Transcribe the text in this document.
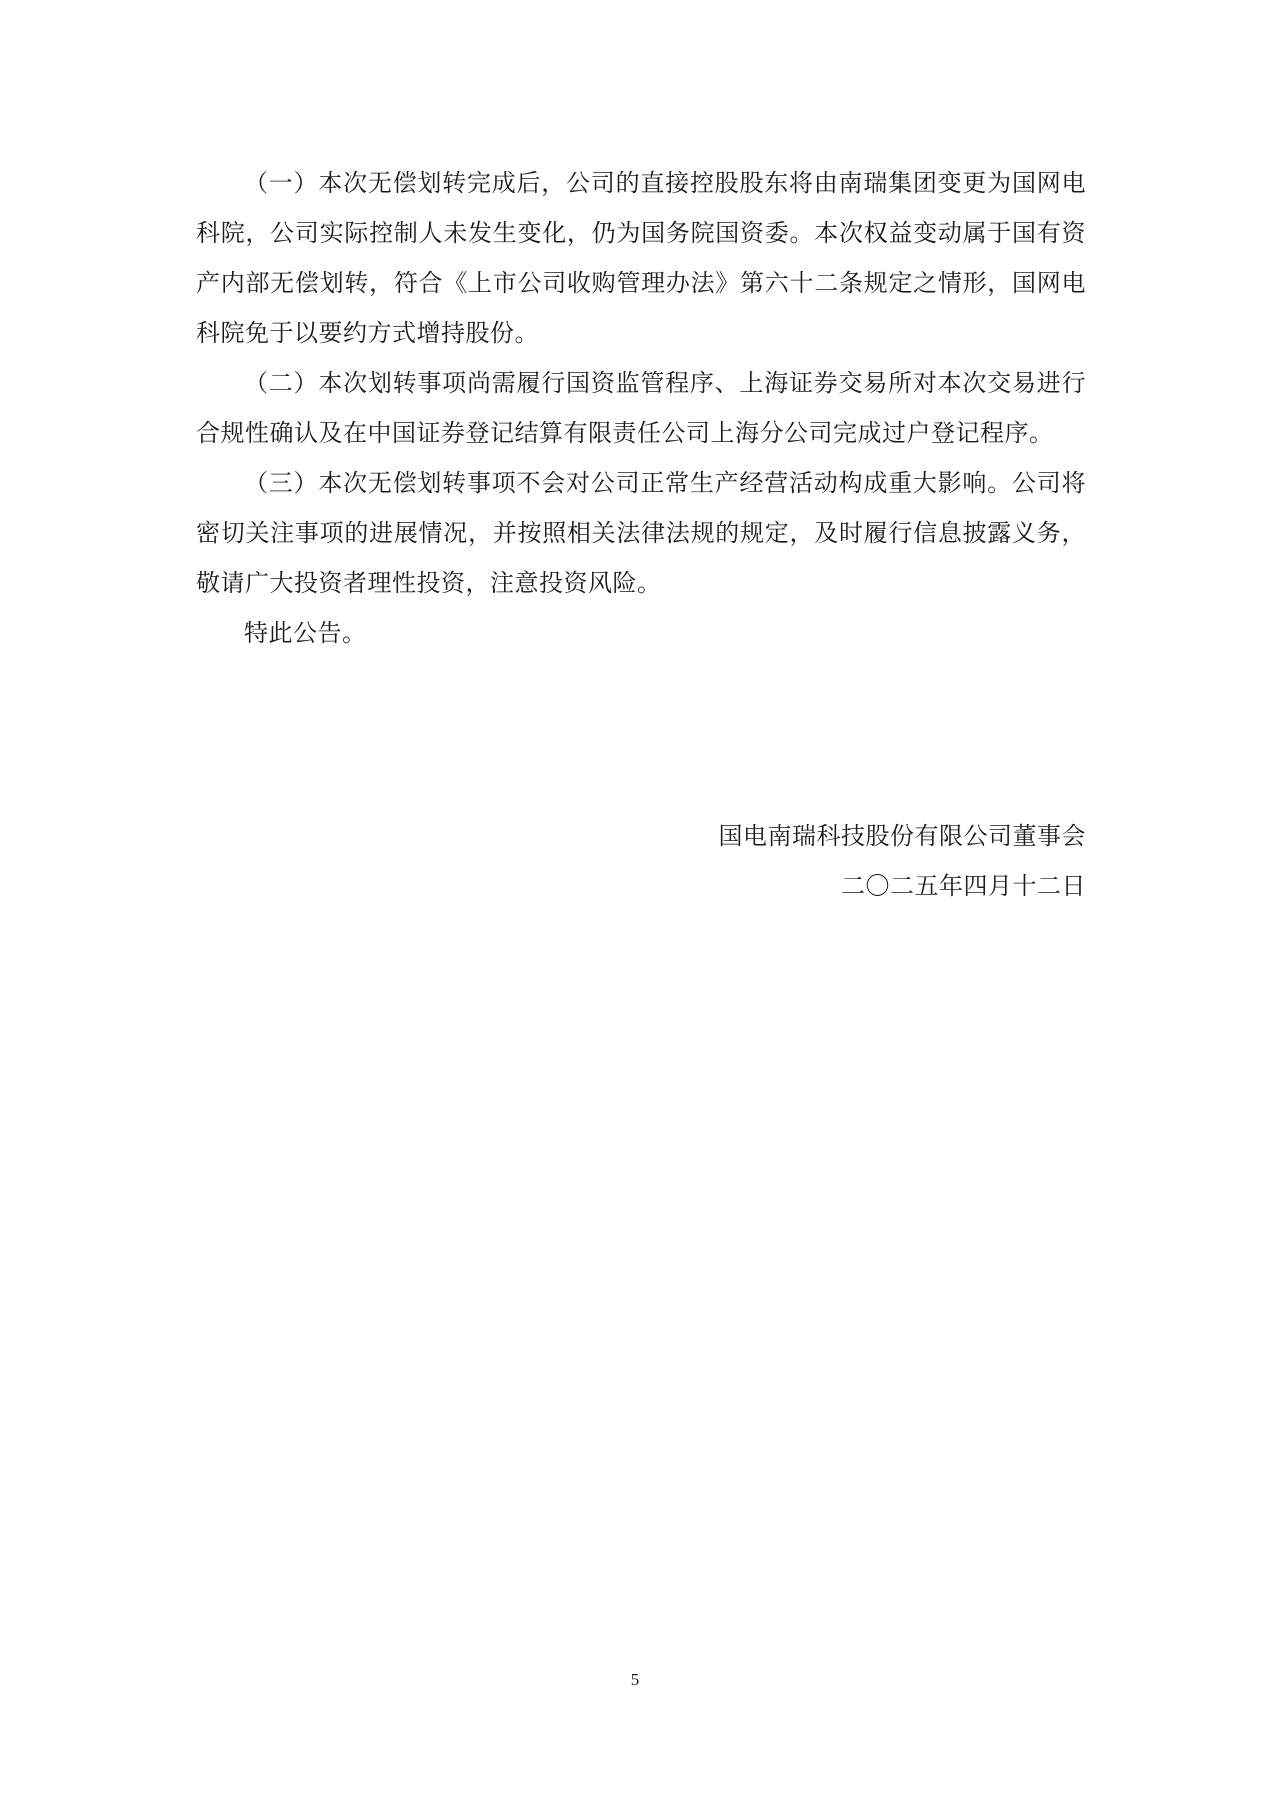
（一）本次无偿划转完成后，公司的直接控股股东将由南瑞集团变更为国网电科院，公司实际控制人未发生变化，仍为国务院国资委。本次权益变动属于国有资产内部无偿划转，符合《上市公司收购管理办法》第六十二条规定之情形，国网电科院免于以要约方式增持股份。

（二）本次划转事项尚需履行国资监管程序、上海证券交易所对本次交易进行合规性确认及在中国证券登记结算有限责任公司上海分公司完成过户登记程序。

（三）本次无偿划转事项不会对公司正常生产经营活动构成重大影响。公司将密切关注事项的进展情况，并按照相关法律法规的规定，及时履行信息披露义务，敬请广大投资者理性投资，注意投资风险。

特此公告。

国电南瑞科技股份有限公司董事会
二〇二五年四月十二日
5
